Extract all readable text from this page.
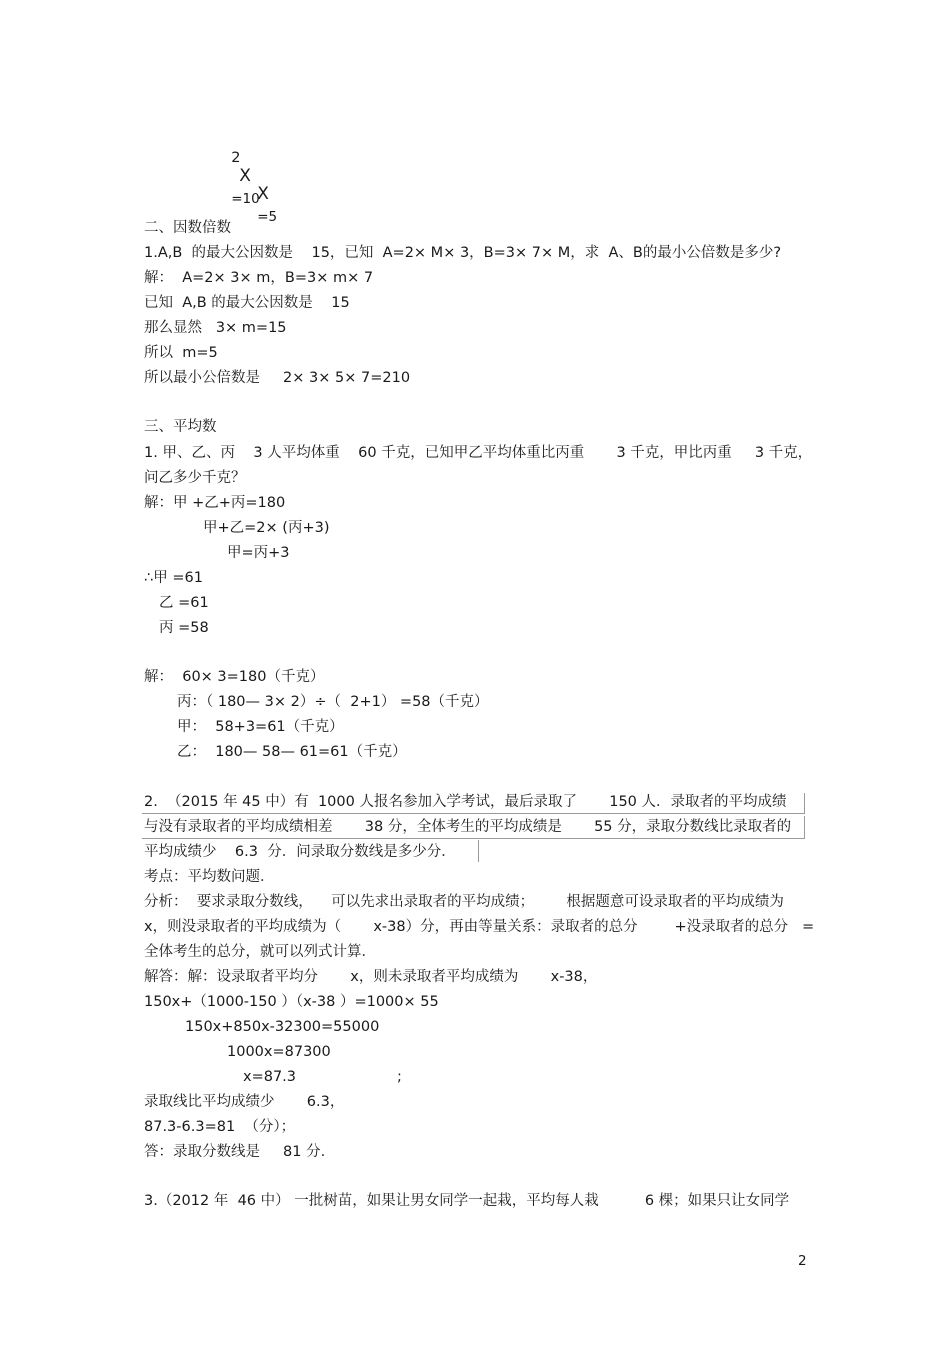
2
X
=10

X
=5

二、因数倍数
1.A,B  的最大公因数是    15，已知  A=2× M× 3，B=3× 7× M，求  A、B的最小公倍数是多少?
解：  A=2× 3× m，B=3× m× 7
已知  A,B 的最大公因数是    15
那么显然   3× m=15
所以  m=5
所以最小公倍数是     2× 3× 5× 7=210
三、平均数
1. 甲、乙、丙    3 人平均体重    60 千克，已知甲乙平均体重比丙重       3 千克，甲比丙重     3 千克，
问乙多少千克？
解：甲 +乙+丙=180
甲+乙=2× (丙+3)
甲=丙+3
∴甲 =61
乙 =61
丙 =58
解：  60× 3=180（千克）
丙：（ 180— 3× 2）÷（  2+1） =58（千克）
甲：  58+3=61（千克）
乙：  180— 58— 61=61（千克）
2.  （2015 年 45 中）有  1000 人报名参加入学考试，最后录取了       150 人．录取者的平均成绩
与没有录取者的平均成绩相差       38 分，全体考生的平均成绩是       55 分，录取分数线比录取者的
平均成绩少    6.3  分．问录取分数线是多少分．
考点：平均数问题．
分析：  要求录取分数线，    可以先求出录取者的平均成绩；       根据题意可设录取者的平均成绩为
x，则没录取者的平均成绩为（       x-38）分，再由等量关系：录取者的总分        +没录取者的总分   =
全体考生的总分，就可以列式计算．
解答：解：设录取者平均分       x，则未录取者平均成绩为       x-38，
150x+（1000-150 ）（x-38 ）=1000× 55
150x+850x-32300=55000
1000x=87300
x=87.3	;
录取线比平均成绩少       6.3，
87.3-6.3=81  （分）；
答：录取分数线是     81 分.
3.（2012 年  46 中） 一批树苗，如果让男女同学一起栽，平均每人栽          6 棵；如果只让女同学
2
